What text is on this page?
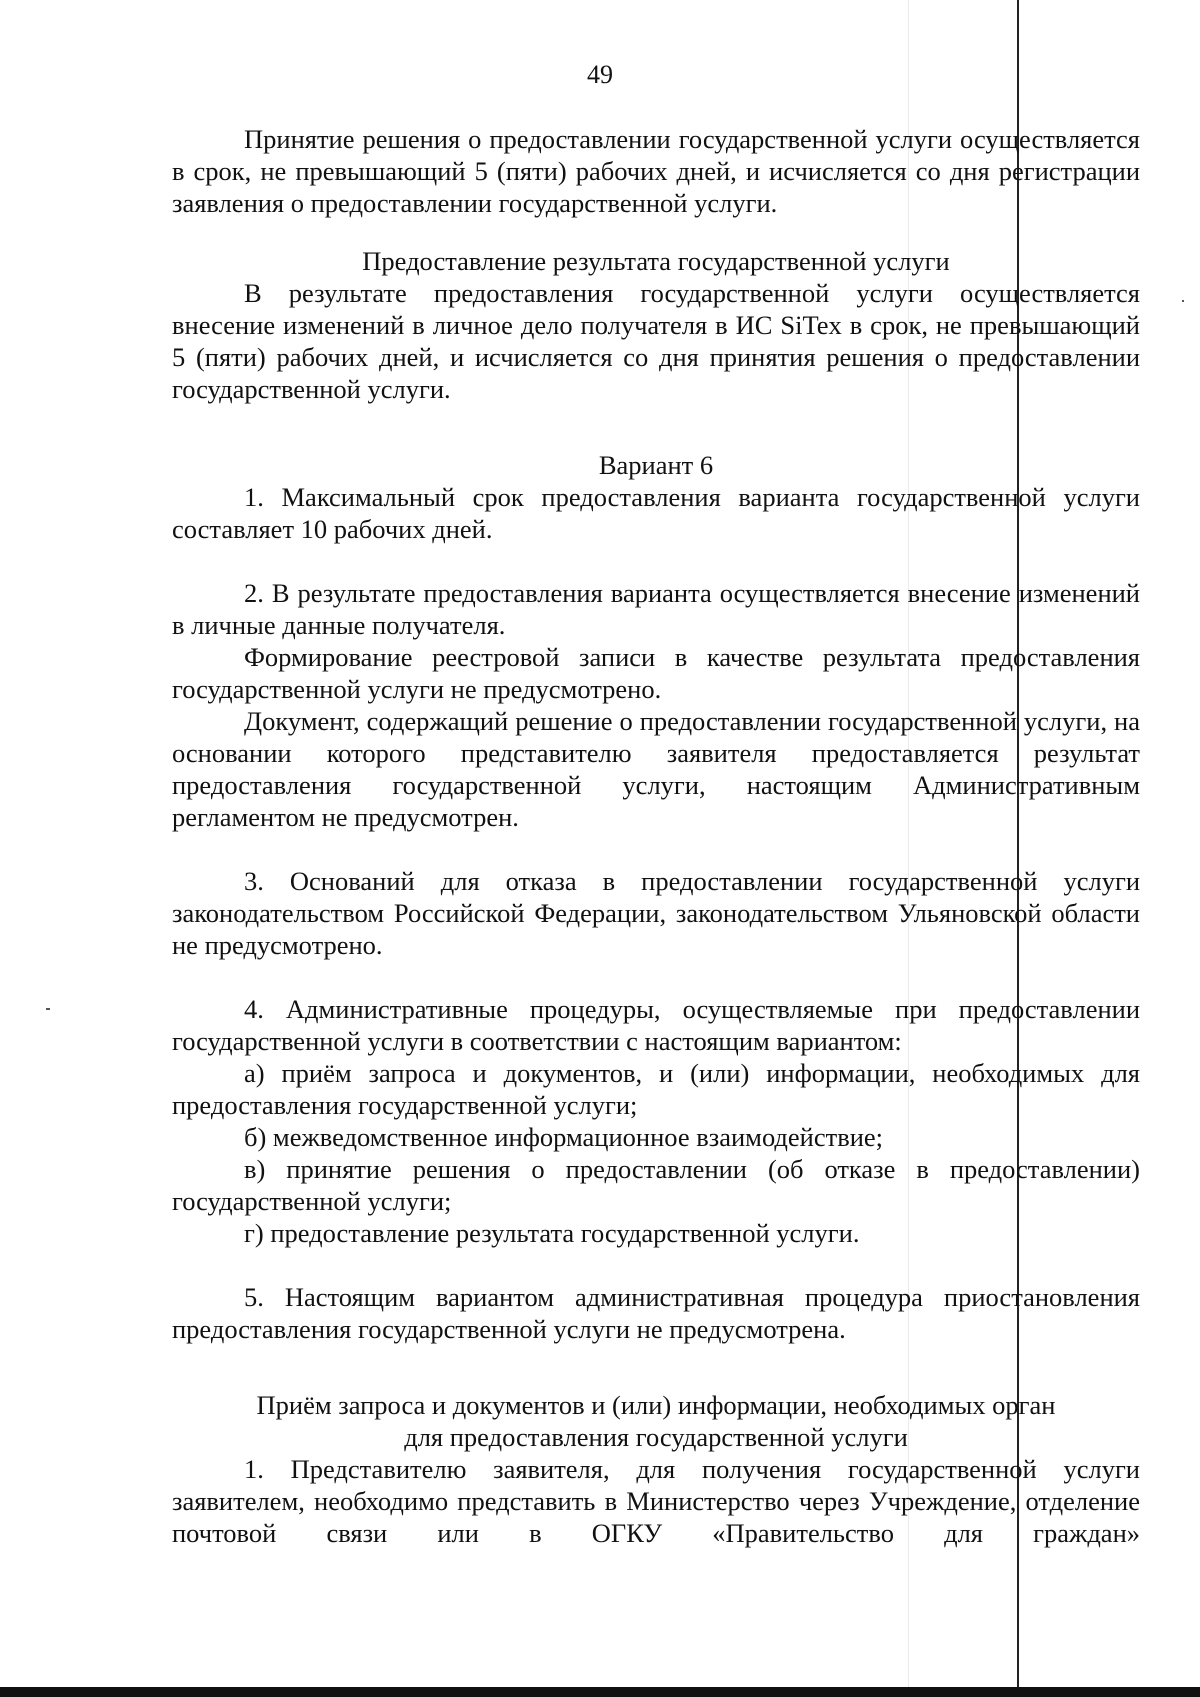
49

Принятие решения о предоставлении государственной услуги осуществляется в срок, не превышающий 5 (пяти) рабочих дней, и исчисляется со дня регистрации заявления о предоставлении государственной услуги.

Предоставление результата государственной услуги

В результате предоставления государственной услуги осуществляется внесение изменений в личное дело получателя в ИС SiTex в срок, не превышающий 5 (пяти) рабочих дней, и исчисляется со дня принятия решения о предоставлении государственной услуги.

Вариант 6

1. Максимальный срок предоставления варианта государственной услуги составляет 10 рабочих дней.

2. В результате предоставления варианта осуществляется внесение изменений в личные данные получателя.

Формирование реестровой записи в качестве результата предоставления государственной услуги не предусмотрено.

Документ, содержащий решение о предоставлении государственной услуги, на основании которого представителю заявителя предоставляется результат предоставления государственной услуги, настоящим Административным регламентом не предусмотрен.

3. Оснований для отказа в предоставлении государственной услуги законодательством Российской Федерации, законодательством Ульяновской области не предусмотрено.

4. Административные процедуры, осуществляемые при предоставлении государственной услуги в соответствии с настоящим вариантом:

а) приём запроса и документов, и (или) информации, необходимых для предоставления государственной услуги;

б) межведомственное информационное взаимодействие;

в) принятие решения о предоставлении (об отказе в предоставлении) государственной услуги;

г) предоставление результата государственной услуги.

5. Настоящим вариантом административная процедура приостановления предоставления государственной услуги не предусмотрена.

Приём запроса и документов и (или) информации, необходимых орган

для предоставления государственной услуги

1. Представителю заявителя, для получения государственной услуги заявителем, необходимо представить в Министерство через Учреждение, отделение почтовой связи или в ОГКУ «Правительство для граждан»
